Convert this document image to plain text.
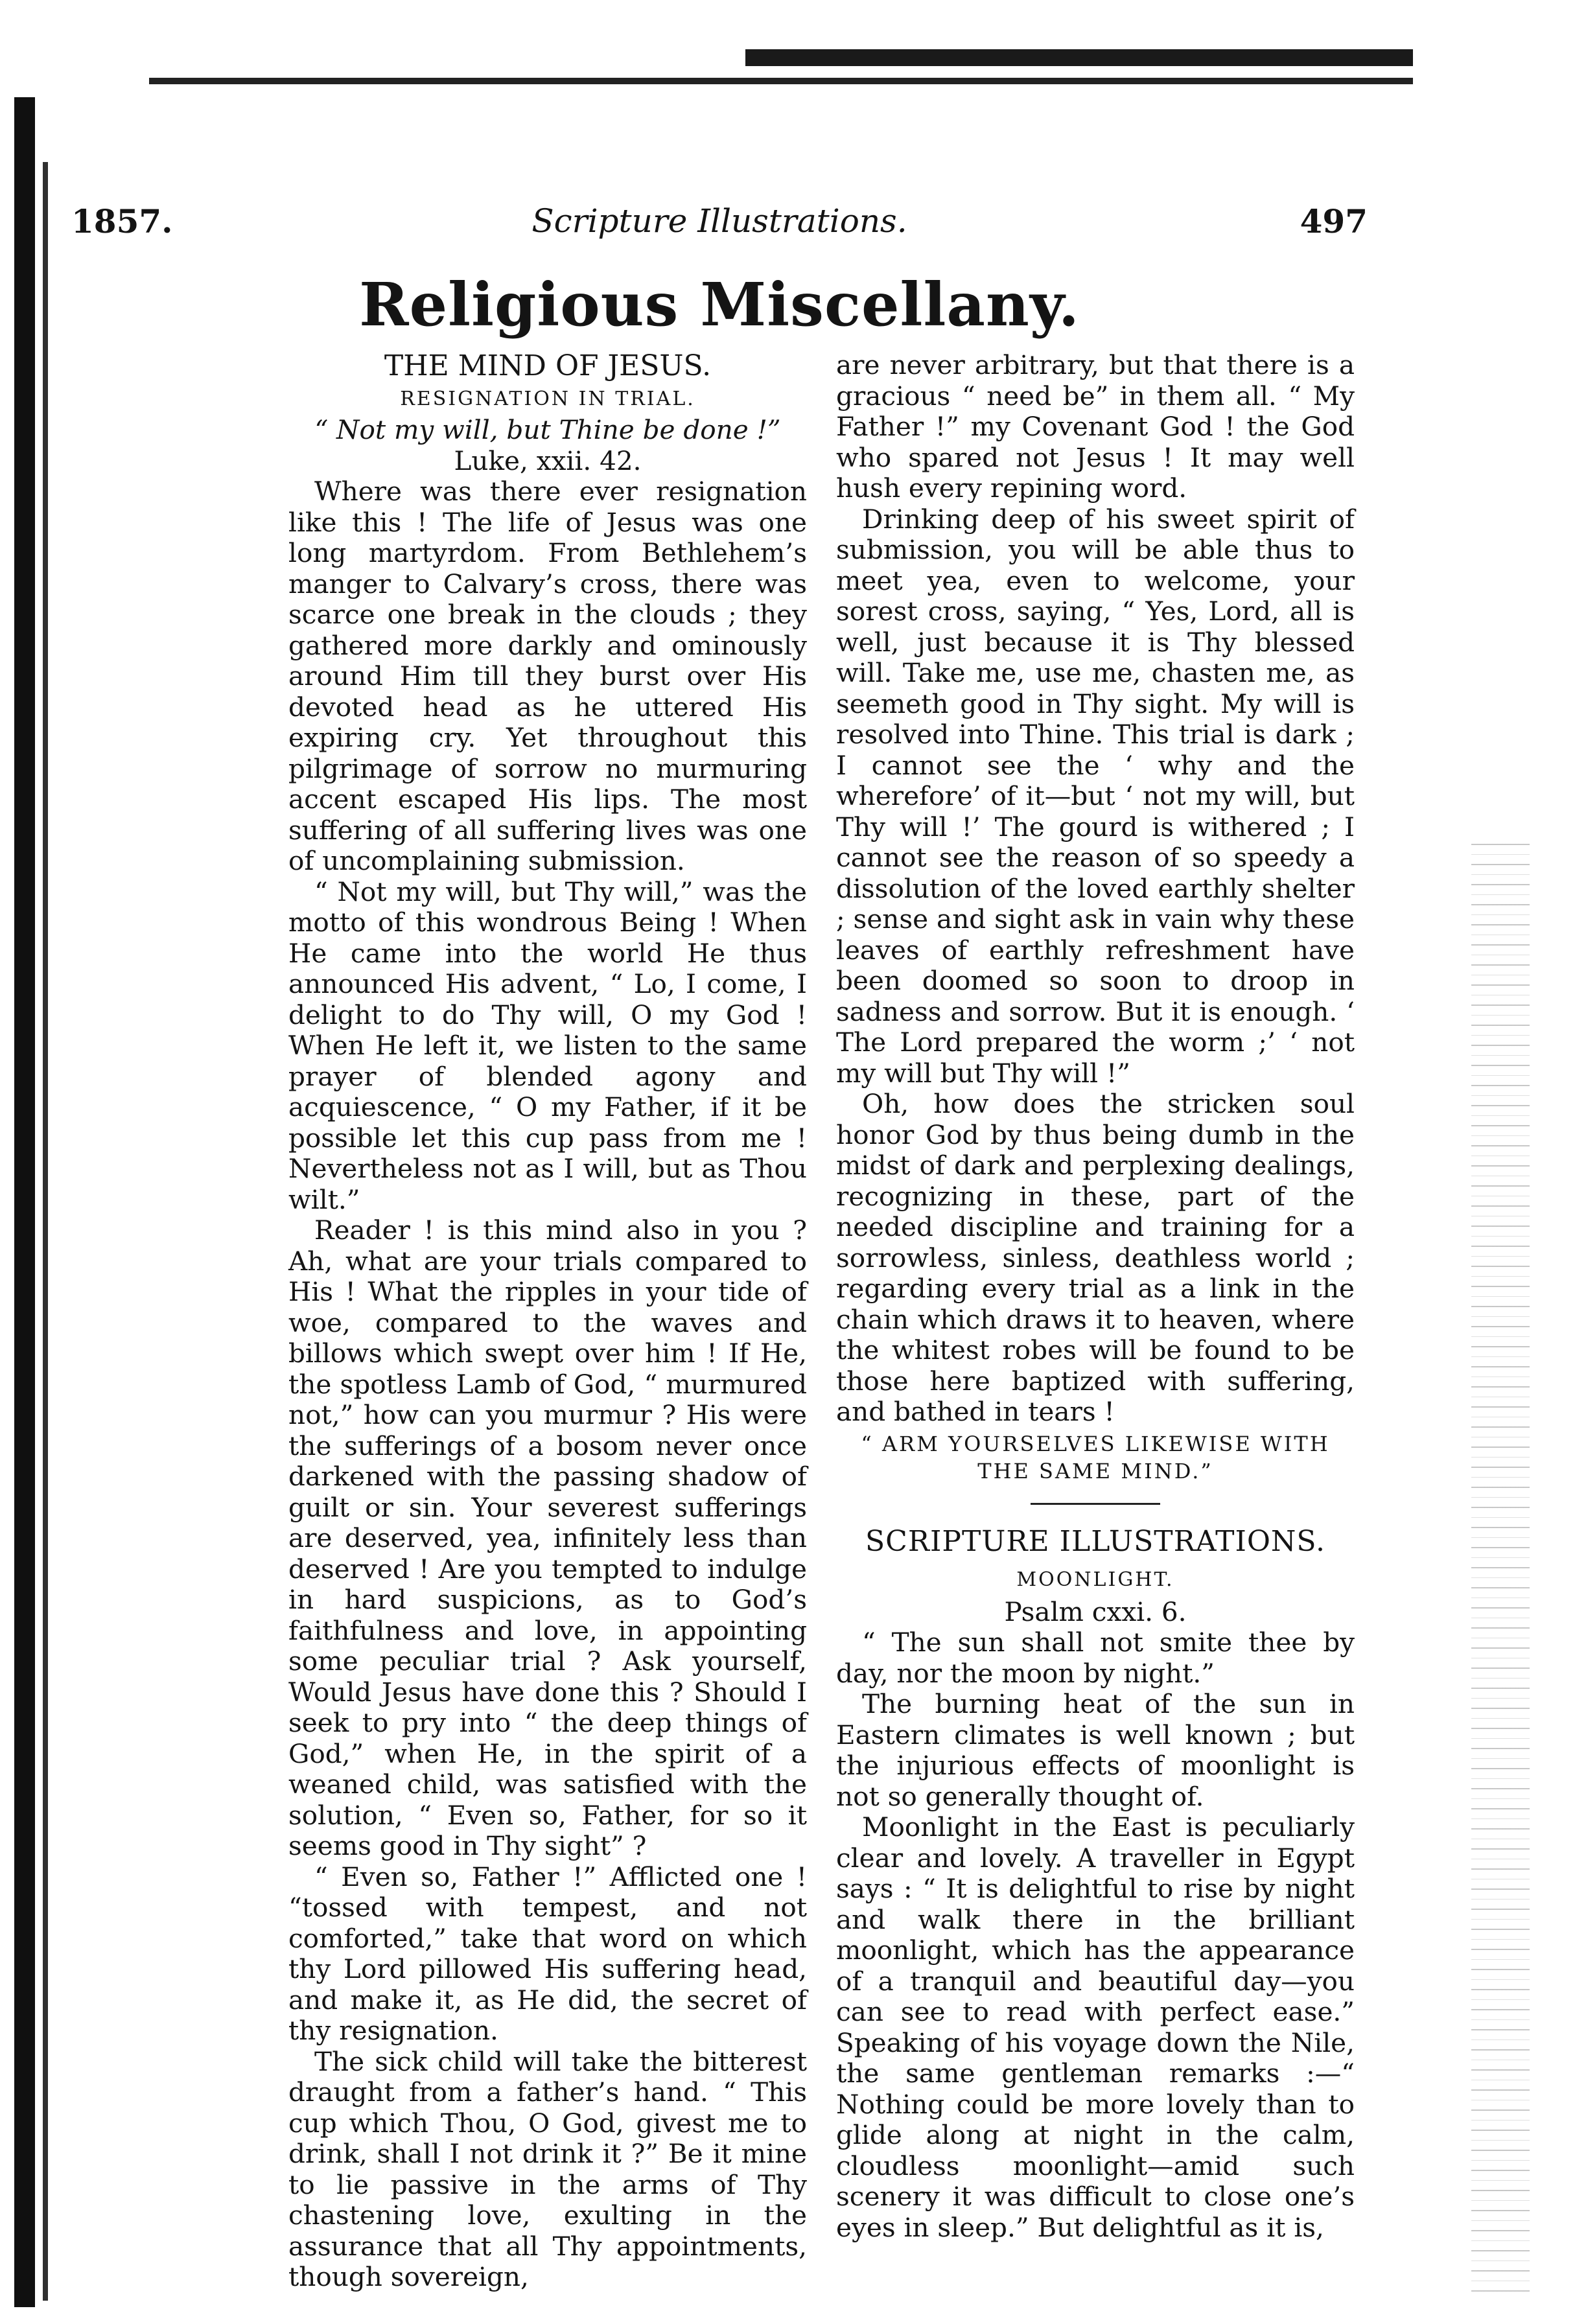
1857.	Scripture Illustrations.	497
Religious Miscellany.
THE MIND OF JESUS.
RESIGNATION IN TRIAL.
“ Not my will, but Thine be done !”
Luke, xxii. 42.

Where was there ever resignation like this ! The life of Jesus was one long martyrdom. From Bethlehem’s manger to Calvary’s cross, there was scarce one break in the clouds ; they gathered more darkly and ominously around Him till they burst over His devoted head as he uttered His expiring cry. Yet throughout this pilgrimage of sorrow no murmuring accent escaped His lips. The most suffering of all suffering lives was one of uncomplaining submission.

“ Not my will, but Thy will,” was the motto of this wondrous Being ! When He came into the world He thus announced His advent, “ Lo, I come, I delight to do Thy will, O my God ! When He left it, we listen to the same prayer of blended agony and acquiescence, “ O my Father, if it be possible let this cup pass from me ! Nevertheless not as I will, but as Thou wilt.”

Reader ! is this mind also in you ? Ah, what are your trials compared to His ! What the ripples in your tide of woe, compared to the waves and billows which swept over him ! If He, the spotless Lamb of God, “ murmured not,” how can you murmur ? His were the sufferings of a bosom never once darkened with the passing shadow of guilt or sin. Your severest sufferings are deserved, yea, infinitely less than deserved ! Are you tempted to indulge in hard suspicions, as to God’s faithfulness and love, in appointing some peculiar trial ? Ask yourself, Would Jesus have done this ? Should I seek to pry into “ the deep things of God,” when He, in the spirit of a weaned child, was satisfied with the solution, “ Even so, Father, for so it seems good in Thy sight” ?

“ Even so, Father !” Afflicted one ! “tossed with tempest, and not comforted,” take that word on which thy Lord pillowed His suffering head, and make it, as He did, the secret of thy resignation.

The sick child will take the bitterest draught from a father’s hand. “ This cup which Thou, O God, givest me to drink, shall I not drink it ?” Be it mine to lie passive in the arms of Thy chastening love, exulting in the assurance that all Thy appointments, though sovereign,

are never arbitrary, but that there is a gracious “ need be” in them all. “ My Father !” my Covenant God ! the God who spared not Jesus ! It may well hush every repining word.

Drinking deep of his sweet spirit of submission, you will be able thus to meet yea, even to welcome, your sorest cross, saying, “ Yes, Lord, all is well, just because it is Thy blessed will. Take me, use me, chasten me, as seemeth good in Thy sight. My will is resolved into Thine. This trial is dark ; I cannot see the ‘ why and the wherefore’ of it—but ‘ not my will, but Thy will !’ The gourd is withered ; I cannot see the reason of so speedy a dissolution of the loved earthly shelter ; sense and sight ask in vain why these leaves of earthly refreshment have been doomed so soon to droop in sadness and sorrow. But it is enough. ‘ The Lord prepared the worm ;’ ‘ not my will but Thy will !”

Oh, how does the stricken soul honor God by thus being dumb in the midst of dark and perplexing dealings, recognizing in these, part of the needed discipline and training for a sorrowless, sinless, deathless world ; regarding every trial as a link in the chain which draws it to heaven, where the whitest robes will be found to be those here baptized with suffering, and bathed in tears !

“ ARM YOURSELVES LIKEWISE WITH THE SAME MIND.”
SCRIPTURE ILLUSTRATIONS.
MOONLIGHT.
Psalm cxxi. 6.

“ The sun shall not smite thee by day, nor the moon by night.”

The burning heat of the sun in Eastern climates is well known ; but the injurious effects of moonlight is not so generally thought of.

Moonlight in the East is peculiarly clear and lovely. A traveller in Egypt says : “ It is delightful to rise by night and walk there in the brilliant moonlight, which has the appearance of a tranquil and beautiful day—you can see to read with perfect ease.” Speaking of his voyage down the Nile, the same gentleman remarks :—“ Nothing could be more lovely than to glide along at night in the calm, cloudless moonlight—amid such scenery it was difficult to close one’s eyes in sleep.” But delightful as it is,
